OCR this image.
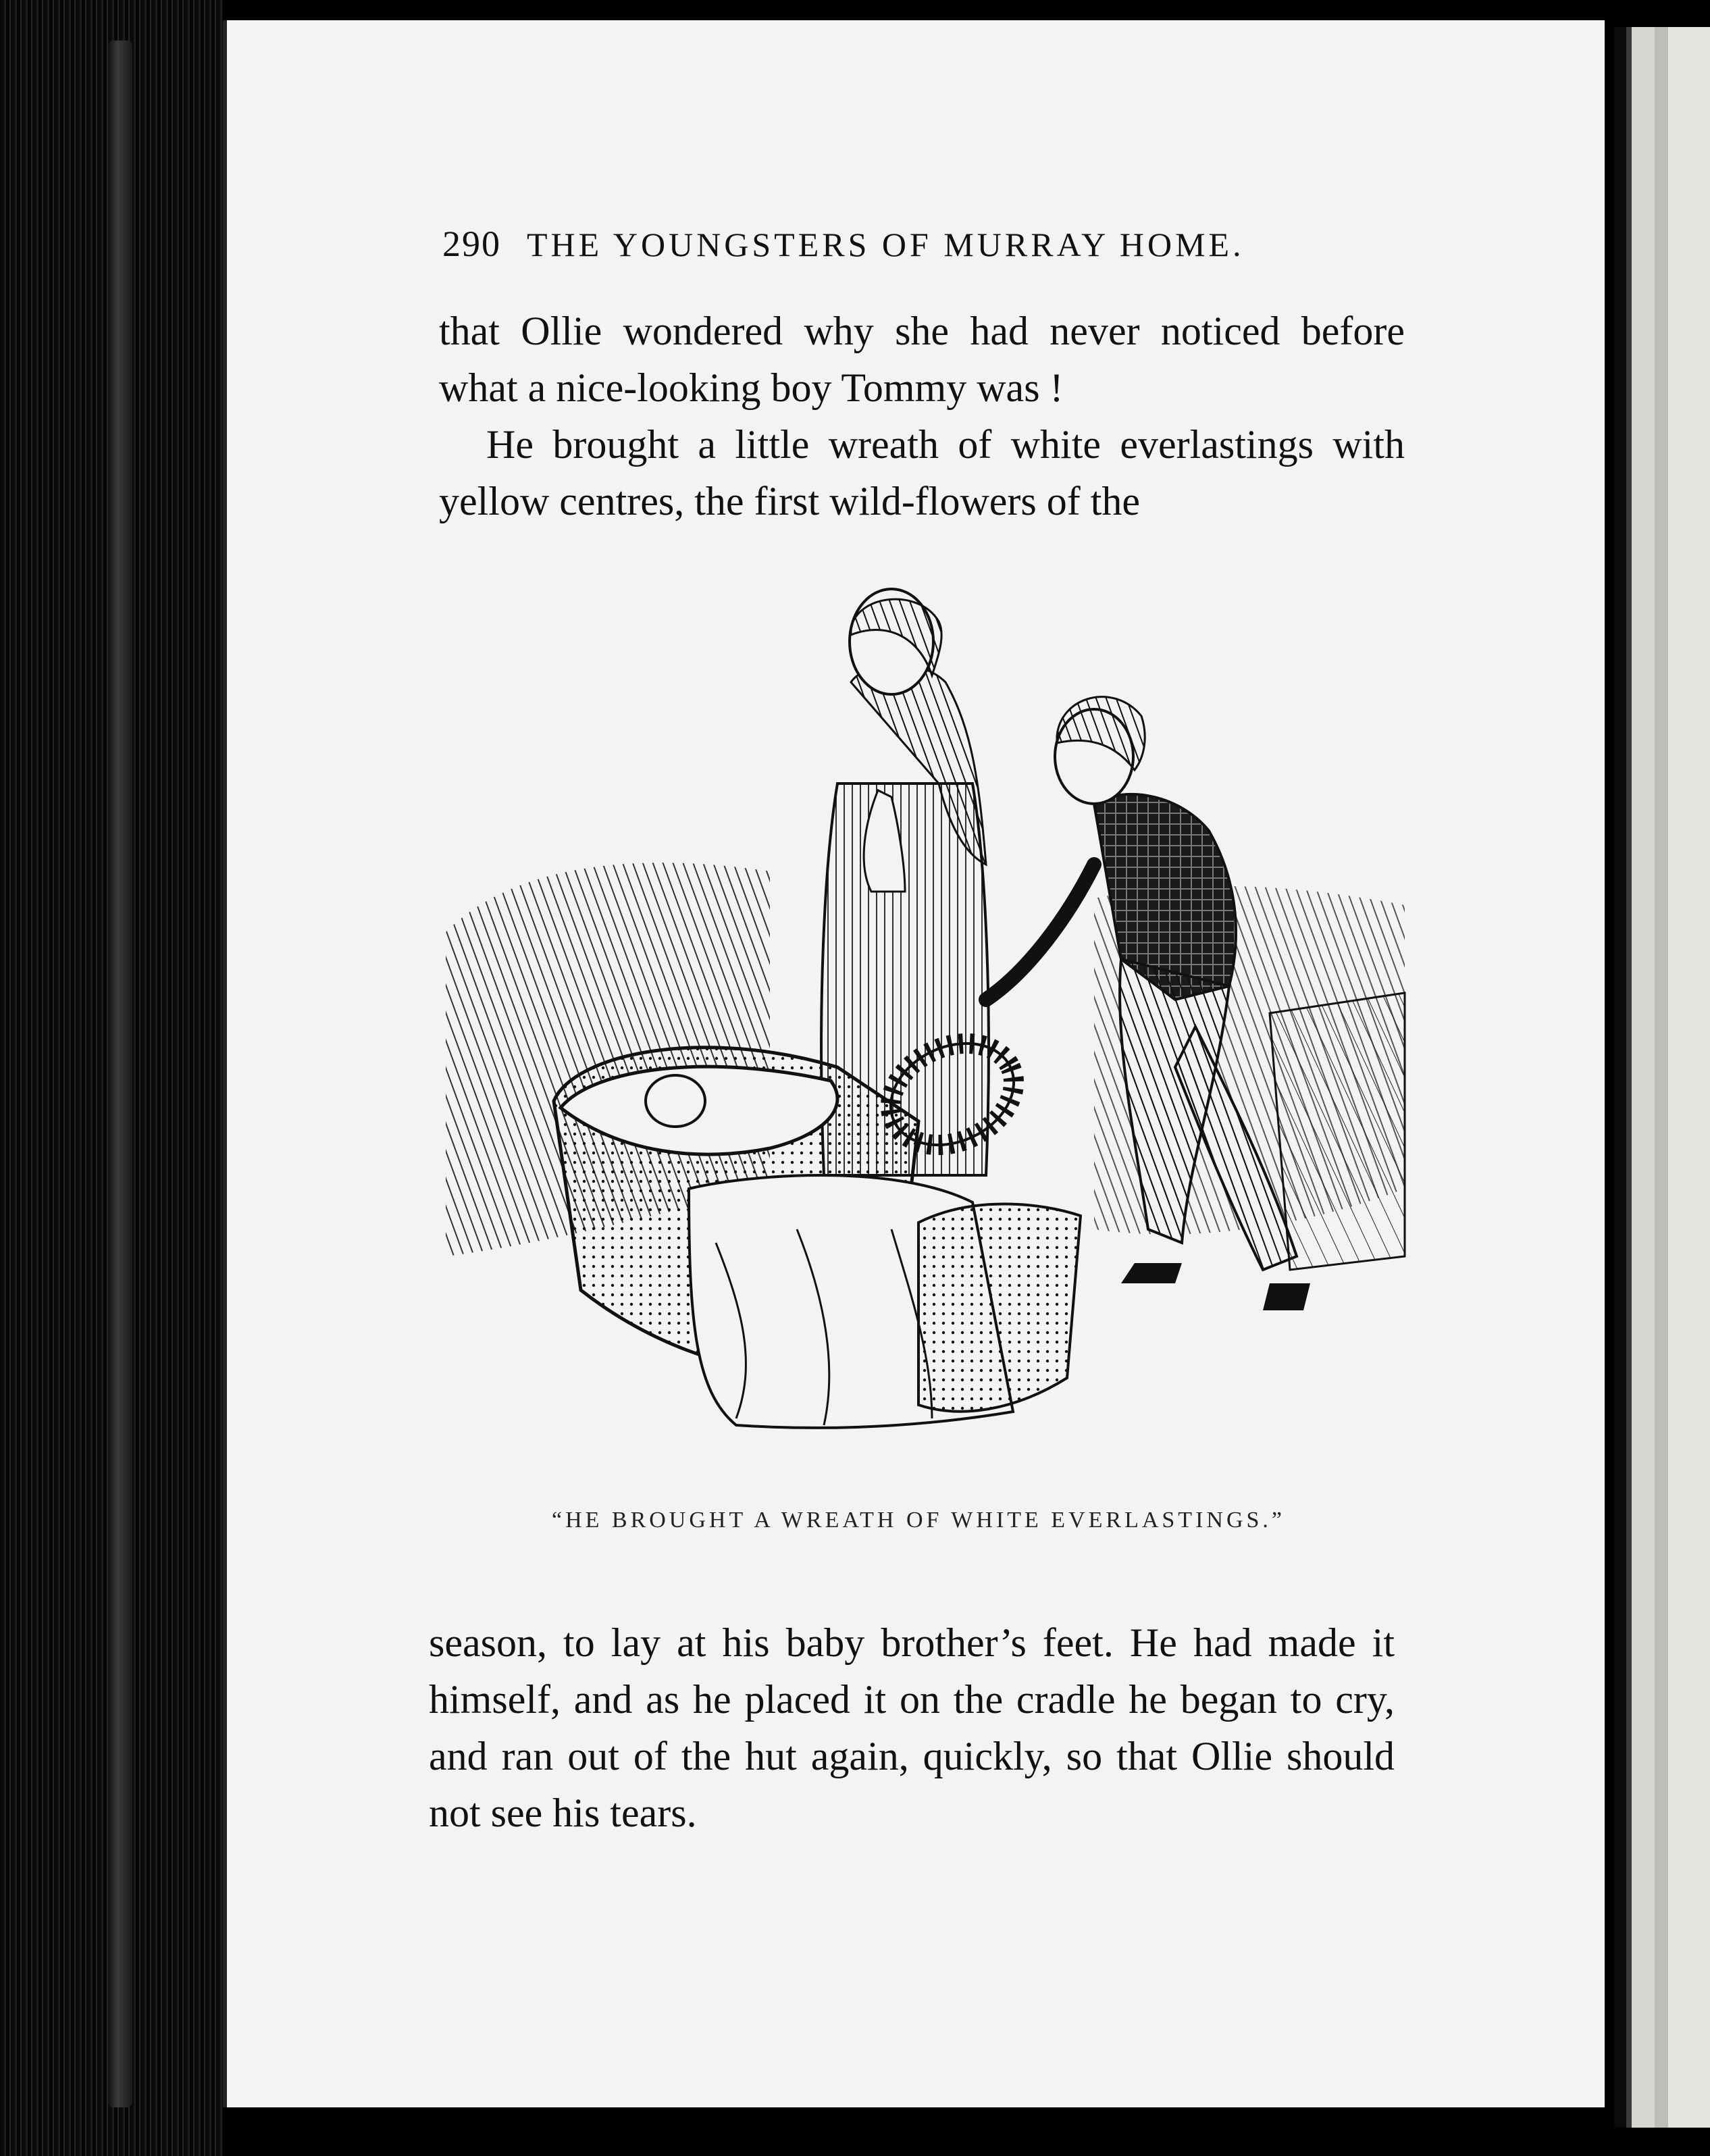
290 THE YOUNGSTERS OF MURRAY HOME.

that Ollie wondered why she had never noticed before what a nice-looking boy Tommy was !

He brought a little wreath of white everlastings with yellow centres, the first wild-flowers of the

“HE BROUGHT A WREATH OF WHITE EVERLASTINGS.”

season, to lay at his baby brother’s feet. He had made it himself, and as he placed it on the cradle he began to cry, and ran out of the hut again, quickly, so that Ollie should not see his tears.
